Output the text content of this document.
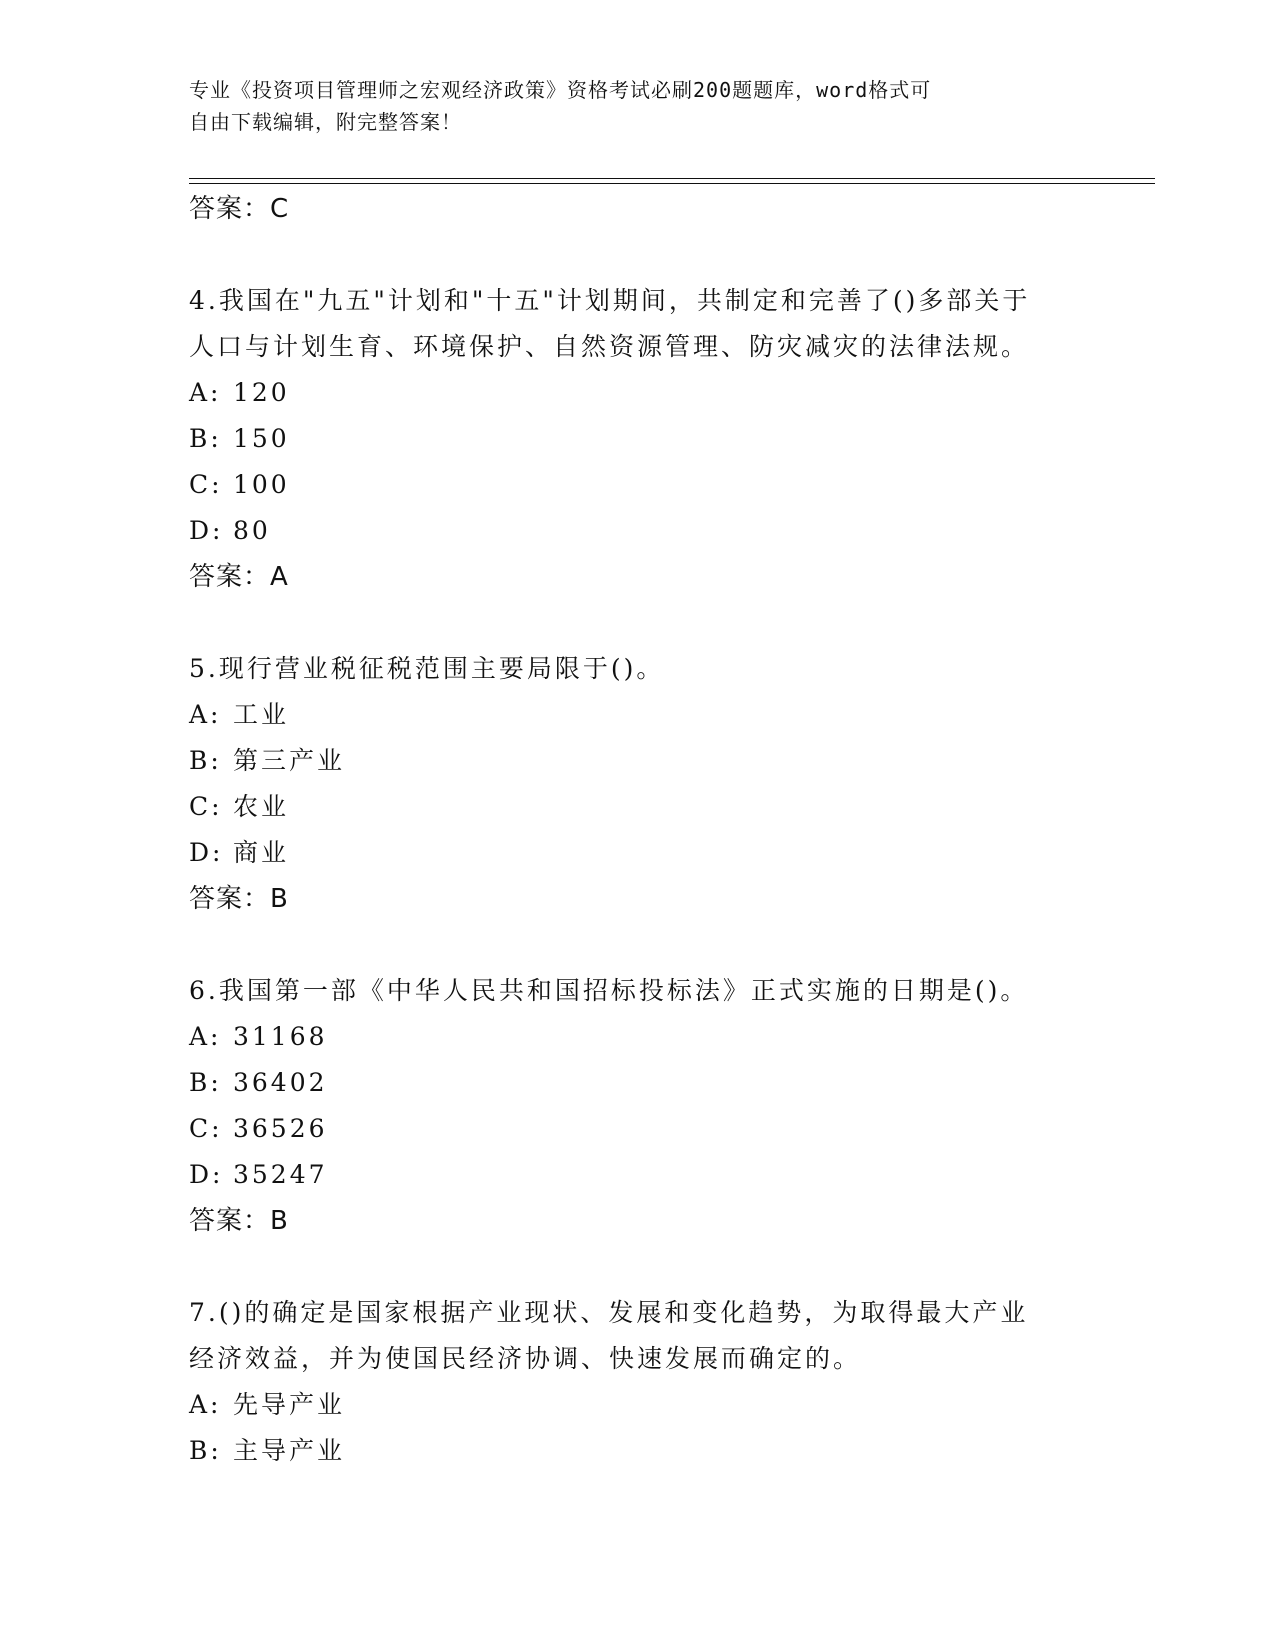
专业《投资项目管理师之宏观经济政策》资格考试必刷200题题库，word格式可
自由下载编辑，附完整答案！
答案：C
4.我国在"九五"计划和"十五"计划期间，共制定和完善了()多部关于
人口与计划生育、环境保护、自然资源管理、防灾减灾的法律法规。
A: 120
B: 150
C: 100
D: 80
答案：A
5.现行营业税征税范围主要局限于()。
A: 工业
B: 第三产业
C: 农业
D: 商业
答案：B
6.我国第一部《中华人民共和国招标投标法》正式实施的日期是()。
A: 31168
B: 36402
C: 36526
D: 35247
答案：B
7.()的确定是国家根据产业现状、发展和变化趋势，为取得最大产业
经济效益，并为使国民经济协调、快速发展而确定的。
A: 先导产业
B: 主导产业
